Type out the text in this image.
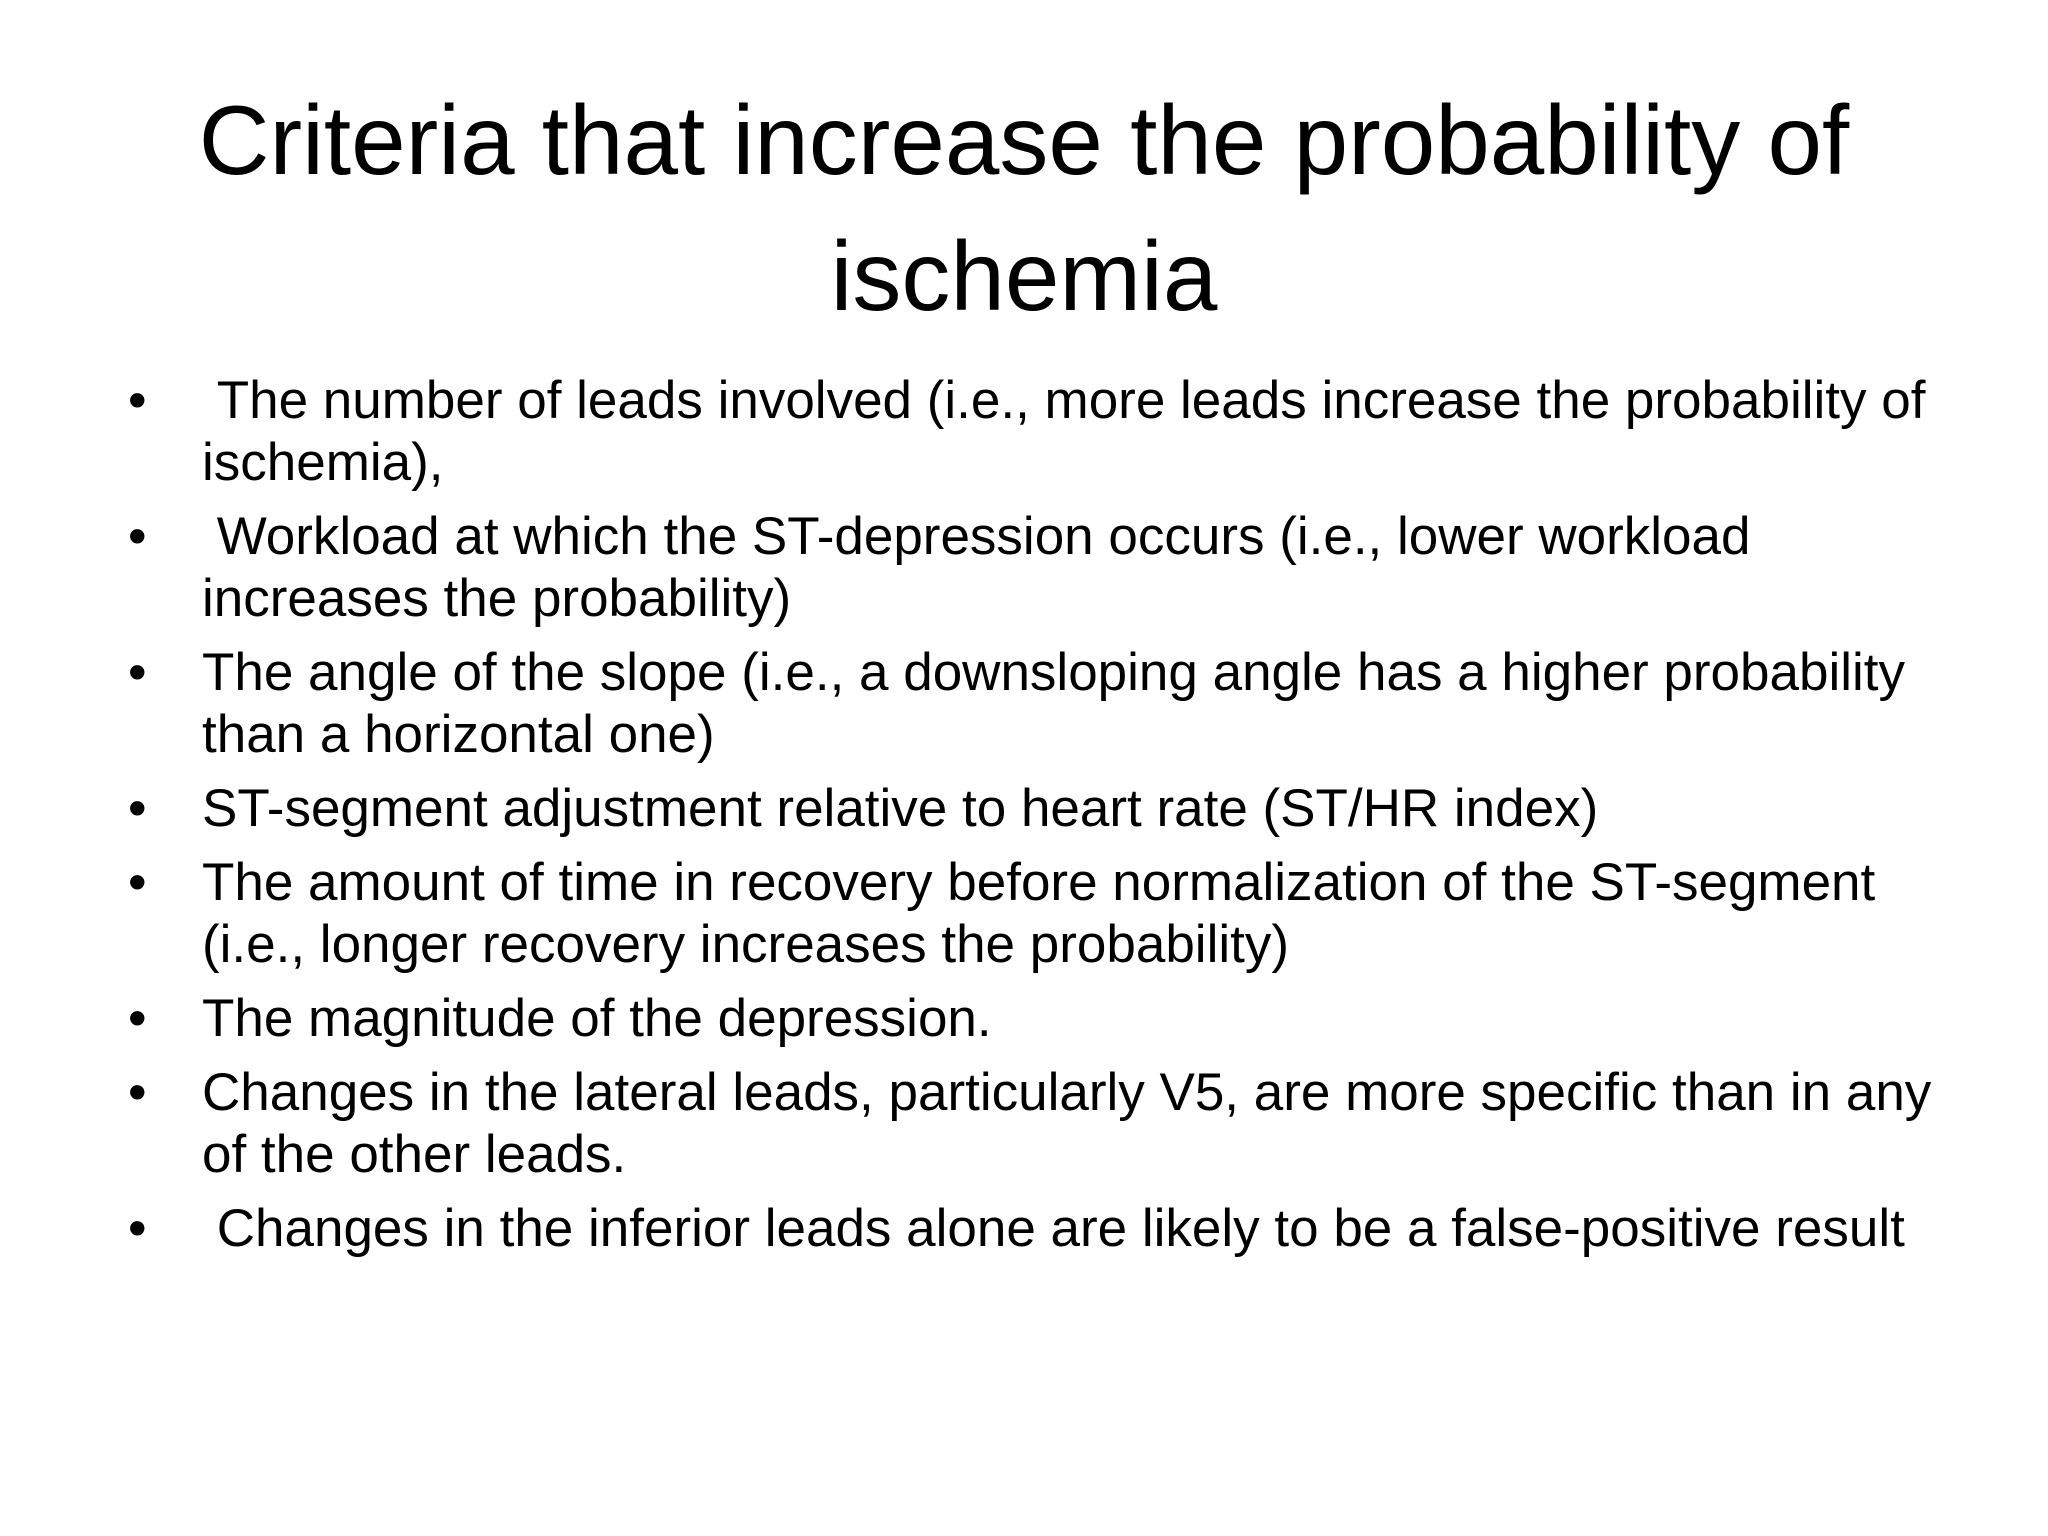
Criteria that increase the probability of ischemia
•	The number of leads involved (i.e., more leads increase the probability of ischemia),
•	Workload at which the ST-depression occurs (i.e., lower workload increases the probability)
•	The angle of the slope (i.e., a downsloping angle has a higher probability than a horizontal one)
•	ST-segment adjustment relative to heart rate (ST/HR index)
•	The amount of time in recovery before normalization of the ST-segment (i.e., longer recovery increases the probability)
•	The magnitude of the depression.
•	Changes in the lateral leads, particularly V5, are more specific than in any of the other leads.
•	Changes in the inferior leads alone are likely to be a false-positive result
